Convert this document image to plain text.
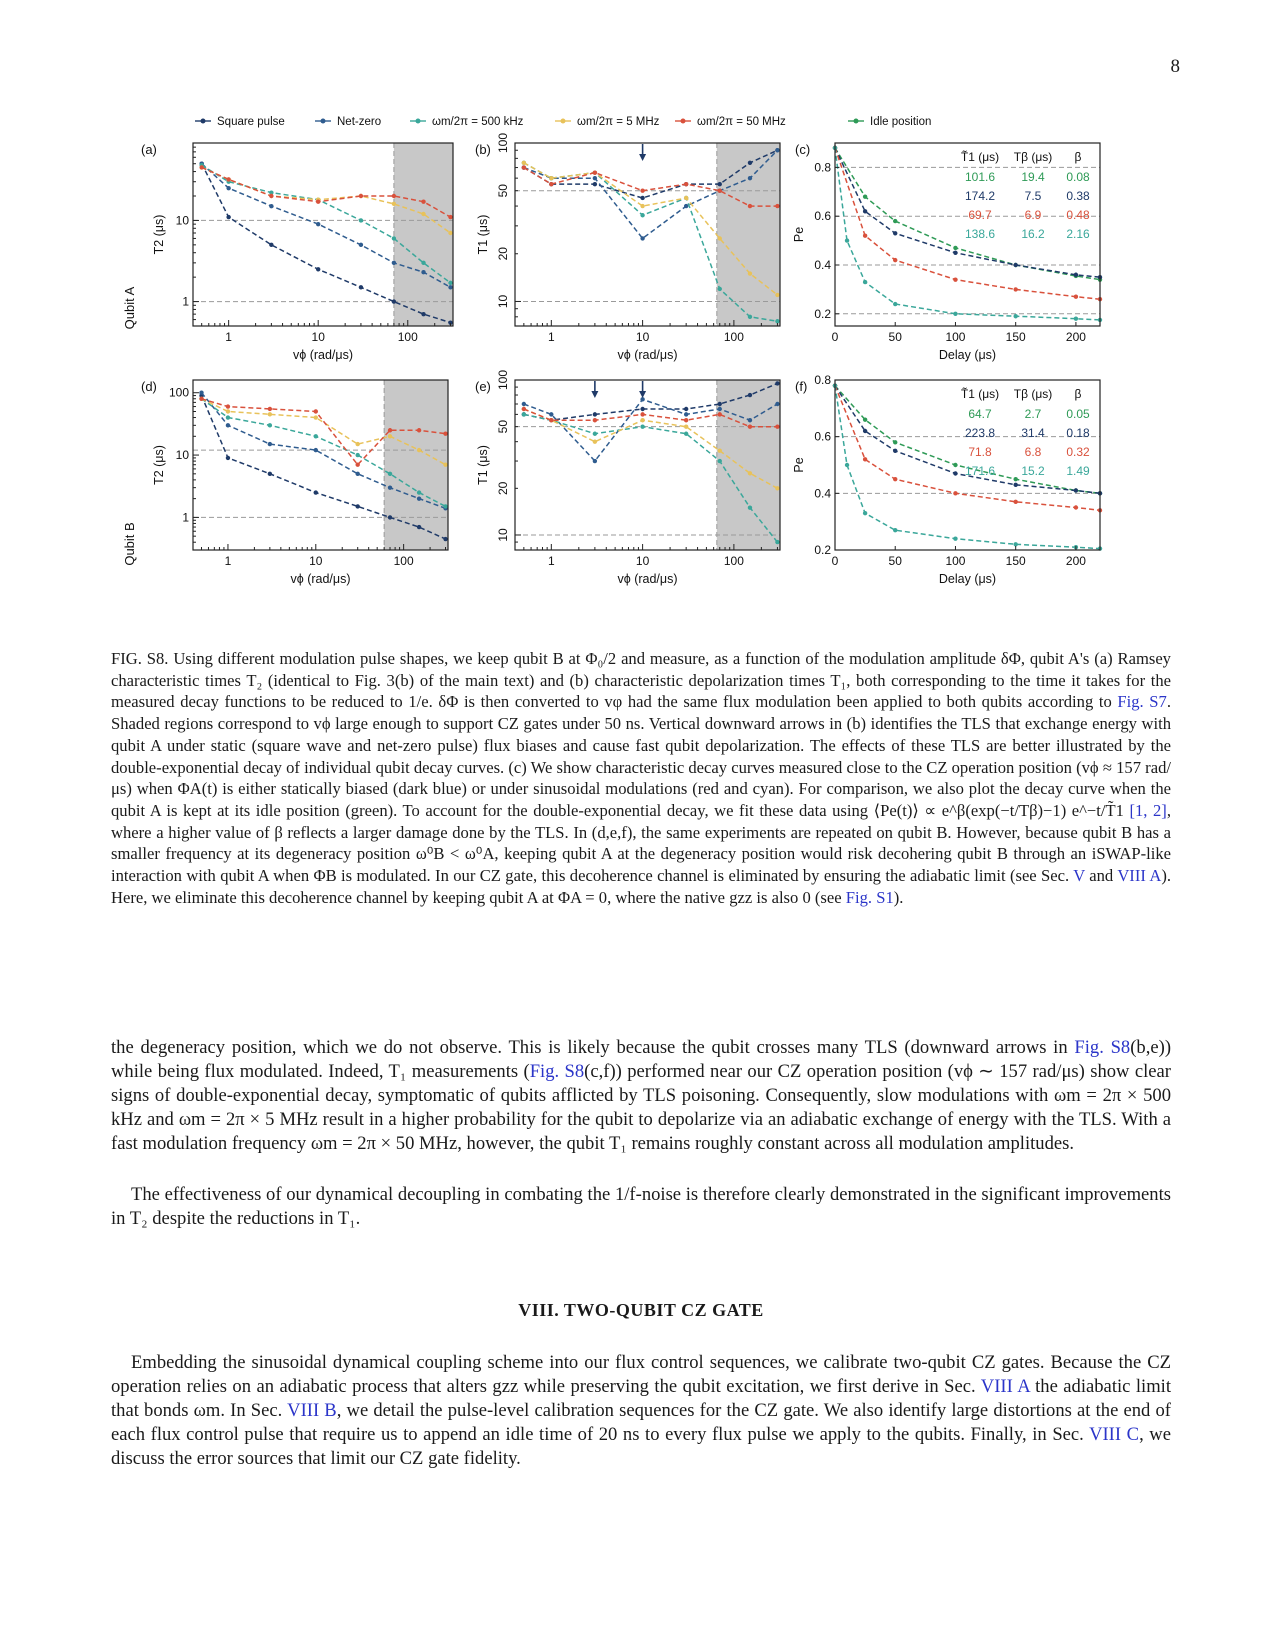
8
Square pulse	Net-zero	ωm/2π = 500 kHz	ωm/2π = 5 MHz	ωm/2π = 50 MHz	Idle position
Qubit A
Qubit B
1	10	100
1
10
(a)
vϕ (rad/μs)
T2 (μs)
1	10	100
10
20
50
100
(b)
vϕ (rad/μs)
T1 (μs)
0	50	100	150	200
0.2
0.4
0.6
0.8
(c)
Delay (μs)
Pe
T̃1 (μs) Tβ (μs) β
101.6 19.4 0.08
174.2 7.5 0.38
69.7	6.9 0.48
138.6 16.2 2.16
1	10	100
1
10
100
(d)
vϕ (rad/μs)
T2 (μs)
1	10	100
10
20
50
100
(e)
vϕ (rad/μs)
T1 (μs)
0	50	100	150	200
0.2
0.4
0.6
0.8
(f)
Delay (μs)
Pe
T̃1 (μs) Tβ (μs) β
64.7	2.7 0.05
223.8 31.4 0.18
71.8	6.8 0.32
171.6 15.2 1.49
FIG. S8. Using different modulation pulse shapes, we keep qubit B at Φ₀/2 and measure, as a function of the modulation amplitude δΦ, qubit A's (a) Ramsey characteristic times T₂ (identical to Fig. 3(b) of the main text) and (b) characteristic depolarization times T₁, both corresponding to the time it takes for the measured decay functions to be reduced to 1/e. δΦ is then converted to vφ had the same flux modulation been applied to both qubits according to Fig. S7. Shaded regions correspond to vϕ large enough to support CZ gates under 50 ns. Vertical downward arrows in (b) identifies the TLS that exchange energy with qubit A under static (square wave and net-zero pulse) flux biases and cause fast qubit depolarization. The effects of these TLS are better illustrated by the double-exponential decay of individual qubit decay curves. (c) We show characteristic decay curves measured close to the CZ operation position (vϕ ≈ 157 rad/μs) when ΦA(t) is either statically biased (dark blue) or under sinusoidal modulations (red and cyan). For comparison, we also plot the decay curve when the qubit A is kept at its idle position (green). To account for the double-exponential decay, we fit these data using ⟨Pe(t)⟩ ∝ e^β(exp(−t/Tβ)−1) e^−t/T̃1 [1, 2], where a higher value of β reflects a larger damage done by the TLS. In (d,e,f), the same experiments are repeated on qubit B. However, because qubit B has a smaller frequency at its degeneracy position ω⁰B < ω⁰A, keeping qubit A at the degeneracy position would risk decohering qubit B through an iSWAP-like interaction with qubit A when ΦB is modulated. In our CZ gate, this decoherence channel is eliminated by ensuring the adiabatic limit (see Sec. V and VIII A). Here, we eliminate this decoherence channel by keeping qubit A at ΦA = 0, where the native gzz is also 0 (see Fig. S1).

the degeneracy position, which we do not observe. This is likely because the qubit crosses many TLS (downward arrows in Fig. S8(b,e)) while being flux modulated. Indeed, T₁ measurements (Fig. S8(c,f)) performed near our CZ operation position (vϕ ∼ 157 rad/μs) show clear signs of double-exponential decay, symptomatic of qubits afflicted by TLS poisoning. Consequently, slow modulations with ωm = 2π × 500 kHz and ωm = 2π × 5 MHz result in a higher probability for the qubit to depolarize via an adiabatic exchange of energy with the TLS. With a fast modulation frequency ωm = 2π × 50 MHz, however, the qubit T₁ remains roughly constant across all modulation amplitudes.

The effectiveness of our dynamical decoupling in combating the 1/f-noise is therefore clearly demonstrated in the significant improvements in T₂ despite the reductions in T₁.

VIII. TWO-QUBIT CZ GATE

Embedding the sinusoidal dynamical coupling scheme into our flux control sequences, we calibrate two-qubit CZ gates. Because the CZ operation relies on an adiabatic process that alters gzz while preserving the qubit excitation, we first derive in Sec. VIII A the adiabatic limit that bonds ωm. In Sec. VIII B, we detail the pulse-level calibration sequences for the CZ gate. We also identify large distortions at the end of each flux control pulse that require us to append an idle time of 20 ns to every flux pulse we apply to the qubits. Finally, in Sec. VIII C, we discuss the error sources that limit our CZ gate fidelity.
